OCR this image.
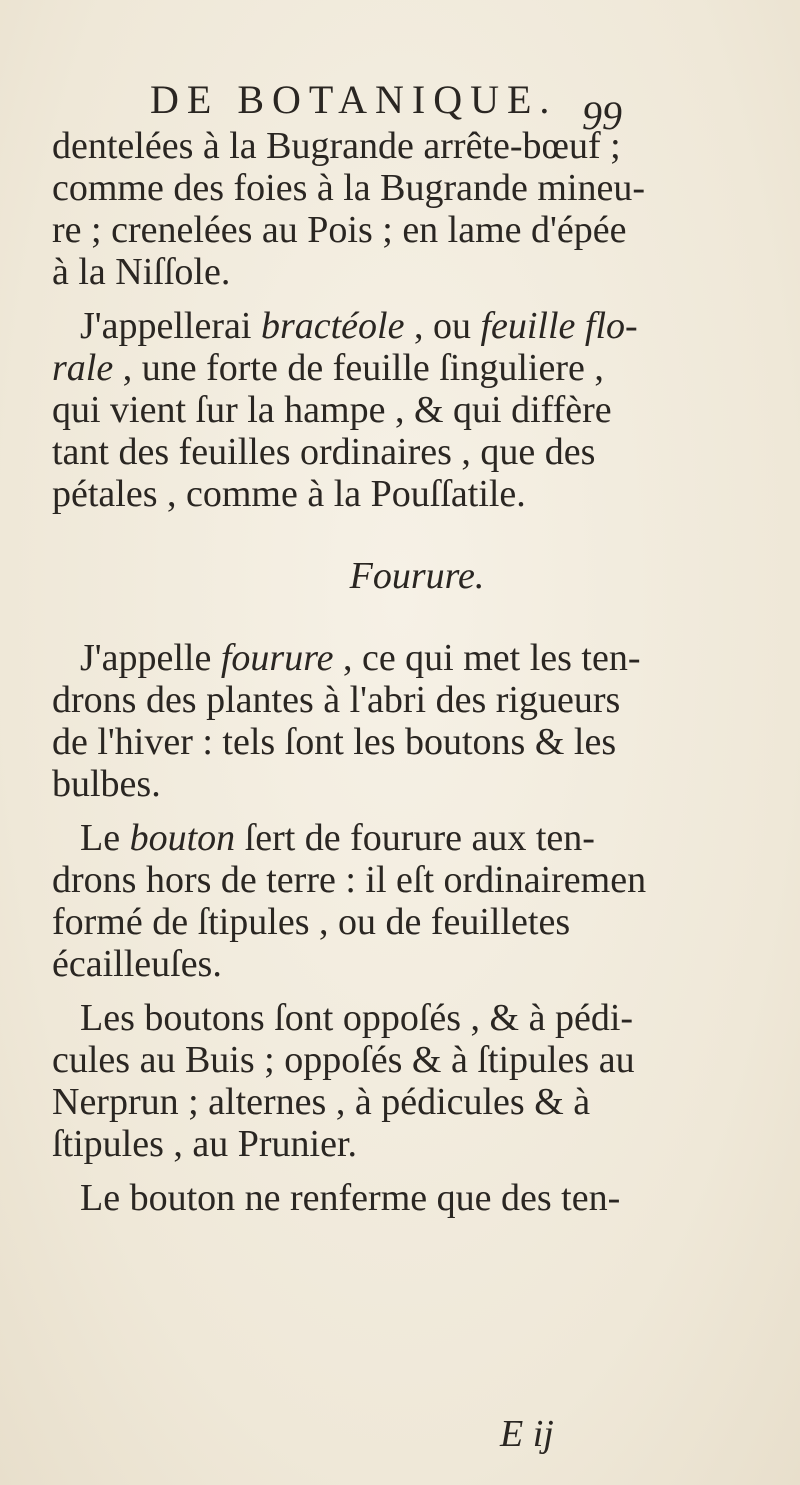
DE BOTANIQUE. 99
dentelées à la Bugrande arrête-bœuf ;
comme des foies à la Bugrande mineu-
re ; crenelées au Pois ; en lame d'épée
à la Niſſole.
J'appellerai bractéole , ou feuille flo-
rale , une forte de feuille ſinguliere ,
qui vient ſur la hampe , & qui diffère
tant des feuilles ordinaires , que des
pétales , comme à la Pouſſatile.
Fourure.
J'appelle fourure , ce qui met les ten-
drons des plantes à l'abri des rigueurs
de l'hiver : tels ſont les boutons & les
bulbes.
Le bouton ſert de fourure aux ten-
drons hors de terre : il eſt ordinairemen
formé de ſtipules , ou de feuilletes
écailleuſes.
Les boutons ſont oppoſés , & à pédi-
cules au Buis ; oppoſés & à ſtipules au
Nerprun ; alternes , à pédicules & à
ſtipules , au Prunier.
Le bouton ne renferme que des ten-
E ij
